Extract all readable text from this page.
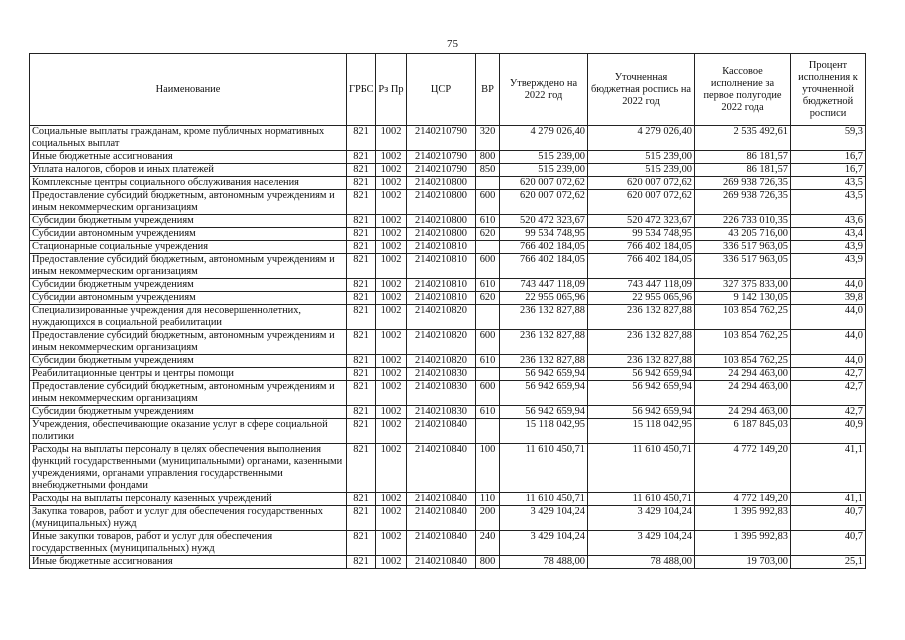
75
Наименование	ГРБС	Рз Пр	ЦСР	ВР	Утверждено на 2022 год	Уточненная бюджетная роспись на 2022 год	Кассовое исполнение за первое полугодие 2022 года	Процент исполнения к уточненной бюджетной росписи
Социальные выплаты гражданам, кроме публичных нормативных социальных выплат	821	1002	2140210790	320	4 279 026,40	4 279 026,40	2 535 492,61	59,3
Иные бюджетные ассигнования	821	1002	2140210790	800	515 239,00	515 239,00	86 181,57	16,7
Уплата налогов, сборов и иных платежей	821	1002	2140210790	850	515 239,00	515 239,00	86 181,57	16,7
Комплексные центры социального обслуживания населения	821	1002	2140210800		620 007 072,62	620 007 072,62	269 938 726,35	43,5
Предоставление субсидий бюджетным, автономным учреждениям и иным некоммерческим организациям	821	1002	2140210800	600	620 007 072,62	620 007 072,62	269 938 726,35	43,5
Субсидии бюджетным учреждениям	821	1002	2140210800	610	520 472 323,67	520 472 323,67	226 733 010,35	43,6
Субсидии автономным учреждениям	821	1002	2140210800	620	99 534 748,95	99 534 748,95	43 205 716,00	43,4
Стационарные социальные учреждения	821	1002	2140210810		766 402 184,05	766 402 184,05	336 517 963,05	43,9
Предоставление субсидий бюджетным, автономным учреждениям и иным некоммерческим организациям	821	1002	2140210810	600	766 402 184,05	766 402 184,05	336 517 963,05	43,9
Субсидии бюджетным учреждениям	821	1002	2140210810	610	743 447 118,09	743 447 118,09	327 375 833,00	44,0
Субсидии автономным учреждениям	821	1002	2140210810	620	22 955 065,96	22 955 065,96	9 142 130,05	39,8
Специализированные учреждения для несовершеннолетних, нуждающихся в социальной реабилитации	821	1002	2140210820		236 132 827,88	236 132 827,88	103 854 762,25	44,0
Предоставление субсидий бюджетным, автономным учреждениям и иным некоммерческим организациям	821	1002	2140210820	600	236 132 827,88	236 132 827,88	103 854 762,25	44,0
Субсидии бюджетным учреждениям	821	1002	2140210820	610	236 132 827,88	236 132 827,88	103 854 762,25	44,0
Реабилитационные центры и центры помощи	821	1002	2140210830		56 942 659,94	56 942 659,94	24 294 463,00	42,7
Предоставление субсидий бюджетным, автономным учреждениям и иным некоммерческим организациям	821	1002	2140210830	600	56 942 659,94	56 942 659,94	24 294 463,00	42,7
Субсидии бюджетным учреждениям	821	1002	2140210830	610	56 942 659,94	56 942 659,94	24 294 463,00	42,7
Учреждения, обеспечивающие оказание услуг в сфере социальной политики	821	1002	2140210840		15 118 042,95	15 118 042,95	6 187 845,03	40,9
Расходы на выплаты персоналу в целях обеспечения выполнения функций государственными (муниципальными) органами, казенными учреждениями, органами управления государственными внебюджетными фондами	821	1002	2140210840	100	11 610 450,71	11 610 450,71	4 772 149,20	41,1
Расходы на выплаты персоналу казенных учреждений	821	1002	2140210840	110	11 610 450,71	11 610 450,71	4 772 149,20	41,1
Закупка товаров, работ и услуг для обеспечения государственных (муниципальных) нужд	821	1002	2140210840	200	3 429 104,24	3 429 104,24	1 395 992,83	40,7
Иные закупки товаров, работ и услуг для обеспечения государственных (муниципальных) нужд	821	1002	2140210840	240	3 429 104,24	3 429 104,24	1 395 992,83	40,7
Иные бюджетные ассигнования	821	1002	2140210840	800	78 488,00	78 488,00	19 703,00	25,1
